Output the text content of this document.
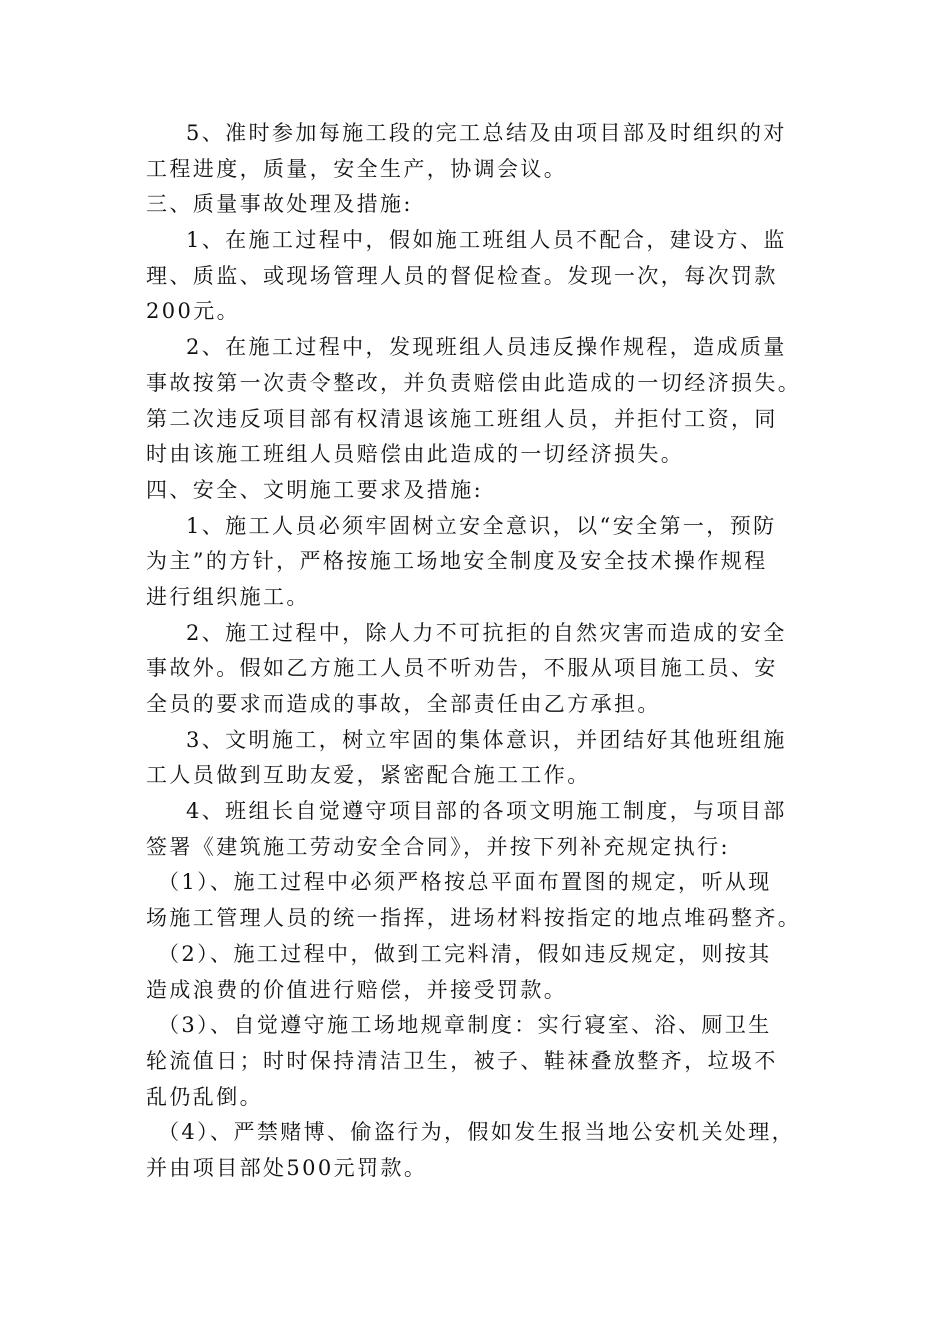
5、准时参加每施工段的完工总结及由项目部及时组织的对

工程进度，质量，安全生产，协调会议。

三、质量事故处理及措施:

1、在施工过程中，假如施工班组人员不配合，建设方、监

理、质监、或现场管理人员的督促检查。发现一次，每次罚款

200元。

2、在施工过程中，发现班组人员违反操作规程，造成质量

事故按第一次责令整改，并负责赔偿由此造成的一切经济损失。

第二次违反项目部有权清退该施工班组人员，并拒付工资，同

时由该施工班组人员赔偿由此造成的一切经济损失。

四、安全、文明施工要求及措施:

1、施工人员必须牢固树立安全意识，以“安全第一，预防

为主”的方针，严格按施工场地安全制度及安全技术操作规程

进行组织施工。

2、施工过程中，除人力不可抗拒的自然灾害而造成的安全

事故外。假如乙方施工人员不听劝告，不服从项目施工员、安

全员的要求而造成的事故，全部责任由乙方承担。

3、文明施工，树立牢固的集体意识，并团结好其他班组施

工人员做到互助友爱，紧密配合施工工作。

4、班组长自觉遵守项目部的各项文明施工制度，与项目部

签署《建筑施工劳动安全合同》，并按下列补充规定执行:

（1）、施工过程中必须严格按总平面布置图的规定，听从现

场施工管理人员的统一指挥，进场材料按指定的地点堆码整齐。

（2）、施工过程中，做到工完料清，假如违反规定，则按其

造成浪费的价值进行赔偿，并接受罚款。

（3）、自觉遵守施工场地规章制度：实行寝室、浴、厕卫生

轮流值日；时时保持清洁卫生，被子、鞋袜叠放整齐，垃圾不

乱仍乱倒。

（4）、严禁赌博、偷盗行为，假如发生报当地公安机关处理，

并由项目部处500元罚款。
